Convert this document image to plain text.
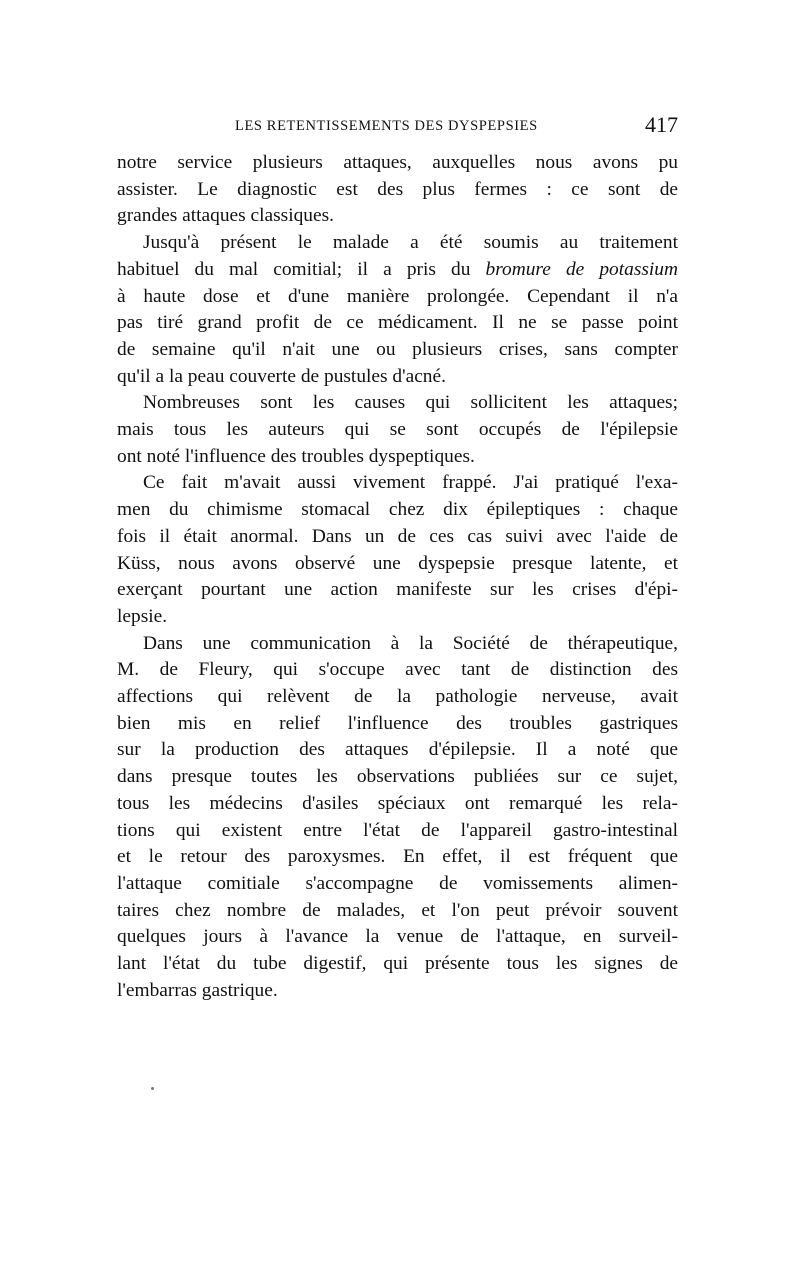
LES RETENTISSEMENTS DES DYSPEPSIES	417
notre service plusieurs attaques, auxquelles nous avons pu
assister. Le diagnostic est des plus fermes : ce sont de
grandes attaques classiques.
Jusqu'à présent le malade a été soumis au traitement
habituel du mal comitial; il a pris du bromure de potassium
à haute dose et d'une manière prolongée. Cependant il n'a
pas tiré grand profit de ce médicament. Il ne se passe point
de semaine qu'il n'ait une ou plusieurs crises, sans compter
qu'il a la peau couverte de pustules d'acné.
Nombreuses sont les causes qui sollicitent les attaques;
mais tous les auteurs qui se sont occupés de l'épilepsie
ont noté l'influence des troubles dyspeptiques.
Ce fait m'avait aussi vivement frappé. J'ai pratiqué l'exa-
men du chimisme stomacal chez dix épileptiques : chaque
fois il était anormal. Dans un de ces cas suivi avec l'aide de
Küss, nous avons observé une dyspepsie presque latente, et
exerçant pourtant une action manifeste sur les crises d'épi-
lepsie.
Dans une communication à la Société de thérapeutique,
M. de Fleury, qui s'occupe avec tant de distinction des
affections qui relèvent de la pathologie nerveuse, avait
bien mis en relief l'influence des troubles gastriques
sur la production des attaques d'épilepsie. Il a noté que
dans presque toutes les observations publiées sur ce sujet,
tous les médecins d'asiles spéciaux ont remarqué les rela-
tions qui existent entre l'état de l'appareil gastro-intestinal
et le retour des paroxysmes. En effet, il est fréquent que
l'attaque comitiale s'accompagne de vomissements alimen-
taires chez nombre de malades, et l'on peut prévoir souvent
quelques jours à l'avance la venue de l'attaque, en surveil-
lant l'état du tube digestif, qui présente tous les signes de
l'embarras gastrique.
